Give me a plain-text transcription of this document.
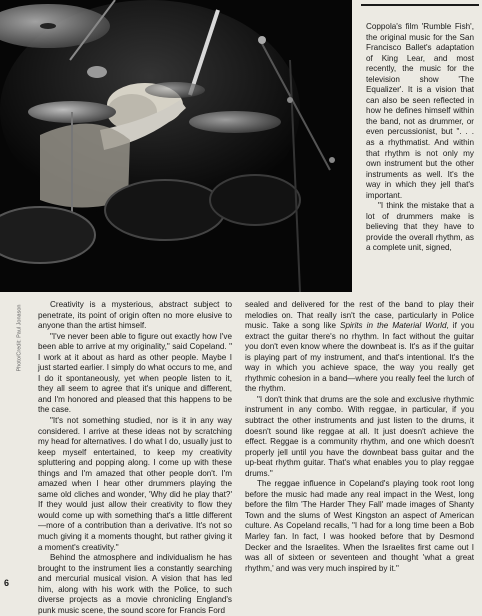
Photo/Credit: Paul Jonason

Coppola's film 'Rumble Fish', the original music for the San Francisco Ballet's adaptation of King Lear, and most recently, the music for the television show 'The Equalizer'. It is a vision that can also be seen reflected in how he defines himself within the band, not as drummer, or even percussionist, but ". . . as a rhythmatist. And within that rhythm is not only my own instrument but the other instruments as well. It's the way in which they jell that's important.

"I think the mistake that a lot of drummers make is believing that they have to provide the overall rhythm, as a complete unit, signed,

Creativity is a mysterious, abstract subject to penetrate, its point of origin often no more elusive to anyone than the artist himself.

"I've never been able to figure out exactly how I've been able to arrive at my originality," said Copeland. " I work at it about as hard as other people. Maybe I just started earlier. I simply do what occurs to me, and I do it spontaneously, yet when people listen to it, they all seem to agree that it's unique and different, and I'm honored and pleased that this happens to be the case.

"It's not something studied, nor is it in any way considered. I arrive at these ideas not by scratching my head for alternatives. I do what I do, usually just to keep myself entertained, to keep my creativity spluttering and popping along. I come up with these things and I'm amazed that other people don't. I'm amazed when I hear other drummers playing the same old cliches and wonder, 'Why did he play that?' If they would just allow their creativity to flow they would come up with something that's a little different—more of a contribution than a derivative. It's not so much giving it a moments thought, but rather giving it a moment's creativity."

Behind the atmosphere and individualism he has brought to the instrument lies a constantly searching and mercurial musical vision. A vision that has led him, along with his work with the Police, to such diverse projects as a movie chronicling England's punk music scene, the sound score for Francis Ford

sealed and delivered for the rest of the band to play their melodies on. That really isn't the case, particularly in Police music. Take a song like Spirits in the Material World, if you extract the guitar there's no rhythm. In fact without the guitar you don't even know where the downbeat is. It's as if the guitar is playing part of my instrument, and that's intentional. It's the way in which you achieve space, the way you really get rhythmic cohesion in a band—where you really feel the lurch of the rhythm.

"I don't think that drums are the sole and exclusive rhythmic instrument in any combo. With reggae, in particular, if you subtract the other instruments and just listen to the drums, it doesn't sound like reggae at all. It just doesn't achieve the effect. Reggae is a community rhythm, and one which doesn't properly jell until you have the downbeat bass guitar and the up-beat rhythm guitar. That's what enables you to play reggae drums."

The reggae influence in Copeland's playing took root long before the music had made any real impact in the West, long before the film 'The Harder They Fall' made images of Shanty Town and the slums of West Kingston an aspect of American culture. As Copeland recalls, "I had for a long time been a Bob Marley fan. In fact, I was hooked before that by Desmond Decker and the Israelites. When the Israelites first came out I was all of sixteen or seventeen and thought 'what a great rhythm,' and was very much inspired by it."

6
